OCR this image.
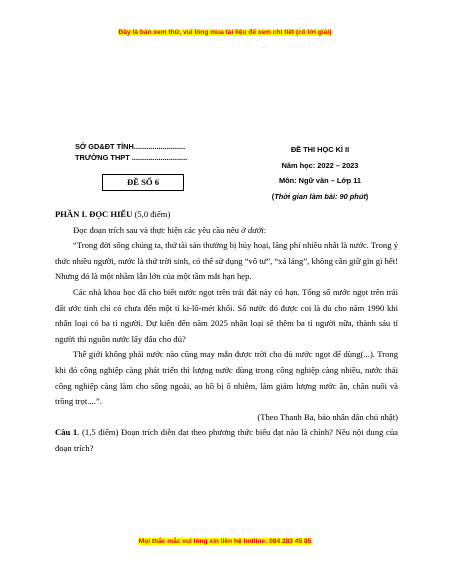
Đây là bản xem thử, vui lòng mua tài liệu để xem chi tiết (có lời giải)
SỞ GD&ĐT TỈNH.........................
TRƯỜNG THPT ...........................
ĐỀ SỐ 6
ĐỀ THI HỌC KÌ II
Năm học: 2022 – 2023
Môn: Ngữ văn – Lớp 11
(Thời gian làm bài: 90 phút)

PHẦN I. ĐỌC HIỂU (5,0 điểm)

Đọc đoạn trích sau và thực hiện các yêu cầu nêu ở dưới:

“Trong đời sống chúng ta, thứ tài sản thường bị hủy hoại, lãng phí nhiều nhất là nước. Trong ý thức nhiều người, nước là thứ trời sinh, có thể sử dụng “vô tư”, “xả láng”, không cần giữ gìn gì hết! Nhưng đó là một nhầm lẫn lớn của một tầm mắt hạn hẹp.

Các nhà khoa học đã cho biết nước ngọt trên trái đất này có hạn. Tổng số nước ngọt trên trái đất ước tính chỉ có chưa đến một tỉ ki-lô-mét khối. Số nước đó được coi là đủ cho năm 1990 khi nhân loại có ba tỉ người. Dự kiến đến năm 2025 nhân loại sẽ thêm ba tỉ người nữa, thành sáu tỉ người thì nguồn nước lấy đâu cho đủ?

Thế giới không phải nước nào cũng may mắn được trời cho đủ nước ngọt để dùng(...). Trong khi đó công nghiệp càng phát triển thì lượng nước dùng trong công nghiệp càng nhiều, nước thải công nghiệp càng làm cho sông ngoài, ao hồ bị ô nhiễm, làm giảm lượng nước ăn, chăn nuôi và trồng trọt....”.

(Theo Thanh Ba, báo nhân dân chủ nhật)

Câu 1. (1,5 điểm) Đoạn trích diễn đạt theo phương thức biểu đạt nào là chính? Nêu nội dung của đoạn trích?

Mọi thắc mắc vui lòng xin liên hệ hotline: 084 283 45 85
